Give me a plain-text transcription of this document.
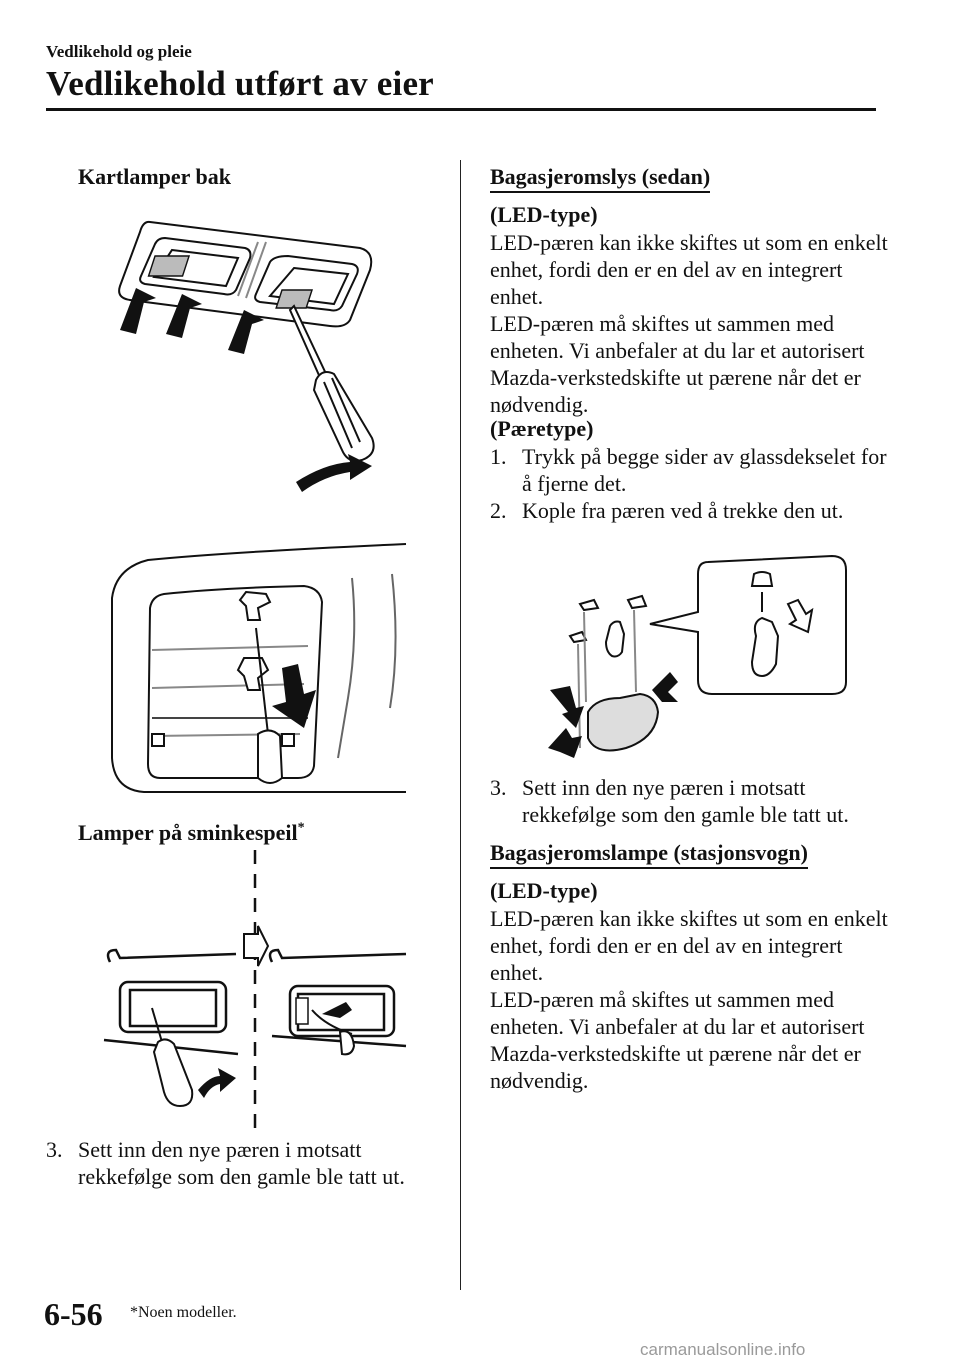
Vedlikehold og pleie
Vedlikehold utført av eier
Kartlamper bak
Lamper på sminkespeil*
3. Sett inn den nye pæren i motsatt rekkefølge som den gamle ble tatt ut.
Bagasjeromslys (sedan)
(LED-type)
LED-pæren kan ikke skiftes ut som en enkelt enhet, fordi den er en del av en integrert enhet.
LED-pæren må skiftes ut sammen med enheten. Vi anbefaler at du lar et autorisert Mazda-verkstedskifte ut pærene når det er nødvendig.
(Pæretype)
1. Trykk på begge sider av glassdekselet for å fjerne det.
2. Kople fra pæren ved å trekke den ut.
3. Sett inn den nye pæren i motsatt rekkefølge som den gamle ble tatt ut.
Bagasjeromslampe (stasjonsvogn)
(LED-type)
LED-pæren kan ikke skiftes ut som en enkelt enhet, fordi den er en del av en integrert enhet.
LED-pæren må skiftes ut sammen med enheten. Vi anbefaler at du lar et autorisert Mazda-verkstedskifte ut pærene når det er nødvendig.
6-56 *Noen modeller.
carmanualsonline.info
